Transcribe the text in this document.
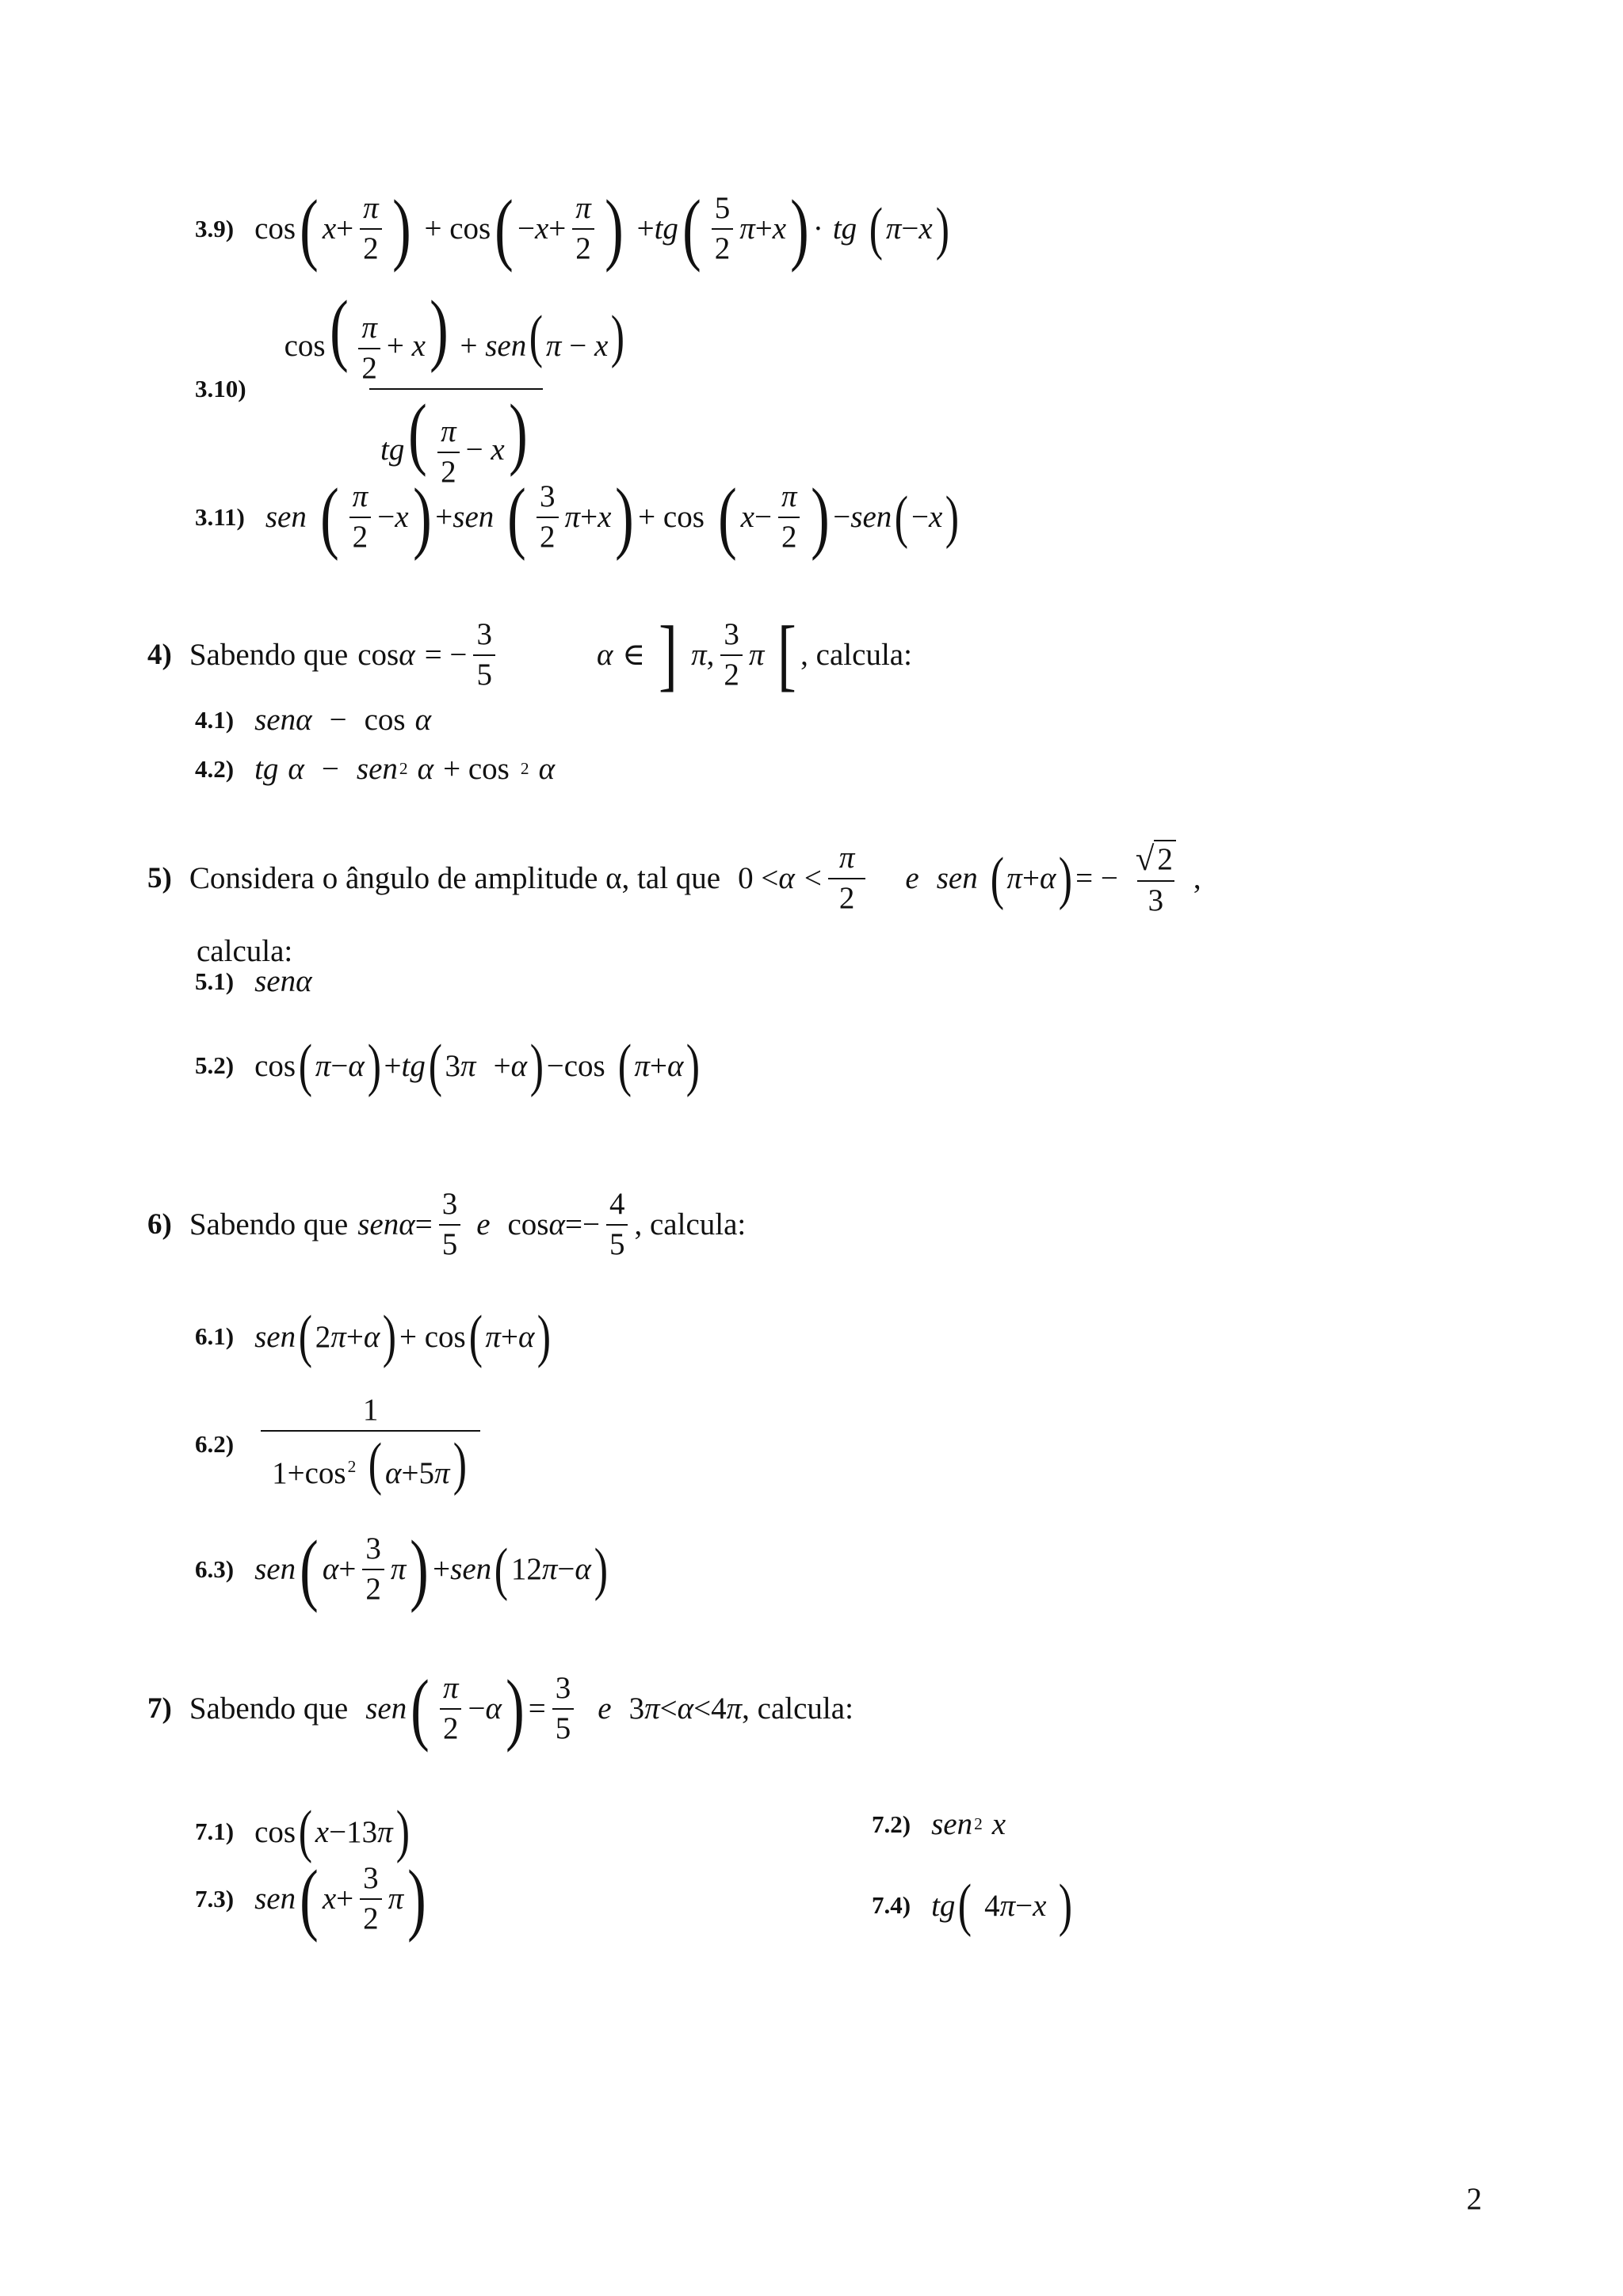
3.9) cos ( $x + \frac{\pi}{2}$ ) + cos ( − $x + \frac{\pi}{2}$ ) + tg ( $\frac{5}{2}$ π + x ) · tg ( π − x )
$3.10) \frac{\cos( \frac{\pi}{2} + x) + sen(\pi - x)}{tg( \frac{\pi}{2} - x)}$
3.11) sen ( $\frac{\pi}{2} - x$ ) + sen ( $\frac{3}{2}$ π + x ) + cos ( $x - \frac{\pi}{2}$ ) − sen ( − x )
4) Sabendo que cos α = − $\frac{3}{5}$	α ∈ ] π , $\frac{3}{2}$ π [ , calcula:
4.1) sen α − cos α
4.2) tg α − sen 2 α + cos 2 α
5) Considera o ângulo de amplitude α, tal que $0 < \alpha < \frac{\pi}{2}$ e sen ( π + α ) = − $\frac{√ 2}{3}$ ,
calcula:
5.1) sen α
5.2) cos ( π − α ) + tg ( 3 π + α ) −cos ( π + α )
6) Sabendo que sen $\alpha = \frac{3}{5}$ e $\cos \alpha =- \frac{4}{5}$ , calcula:
6.1) sen ( 2 π + α ) + cos ( π + α )
$6.2) \frac{1}{1+\cos^2 (\alpha+5\pi)}$
6.3) sen ( $\alpha + \frac{3}{2}$ π ) + sen ( 12 π − α )
7) Sabendo que sen ( $\frac{\pi}{2} - \alpha$ ) = $\frac{3}{5}$ e 3 π < α <4 π , calcula:
7.1) cos ( x −13 π )	7.2) sen 2 x
7.3) sen ( $x + \frac{3}{2}$ π )	7.4) tg ( 4 π − x )
2
